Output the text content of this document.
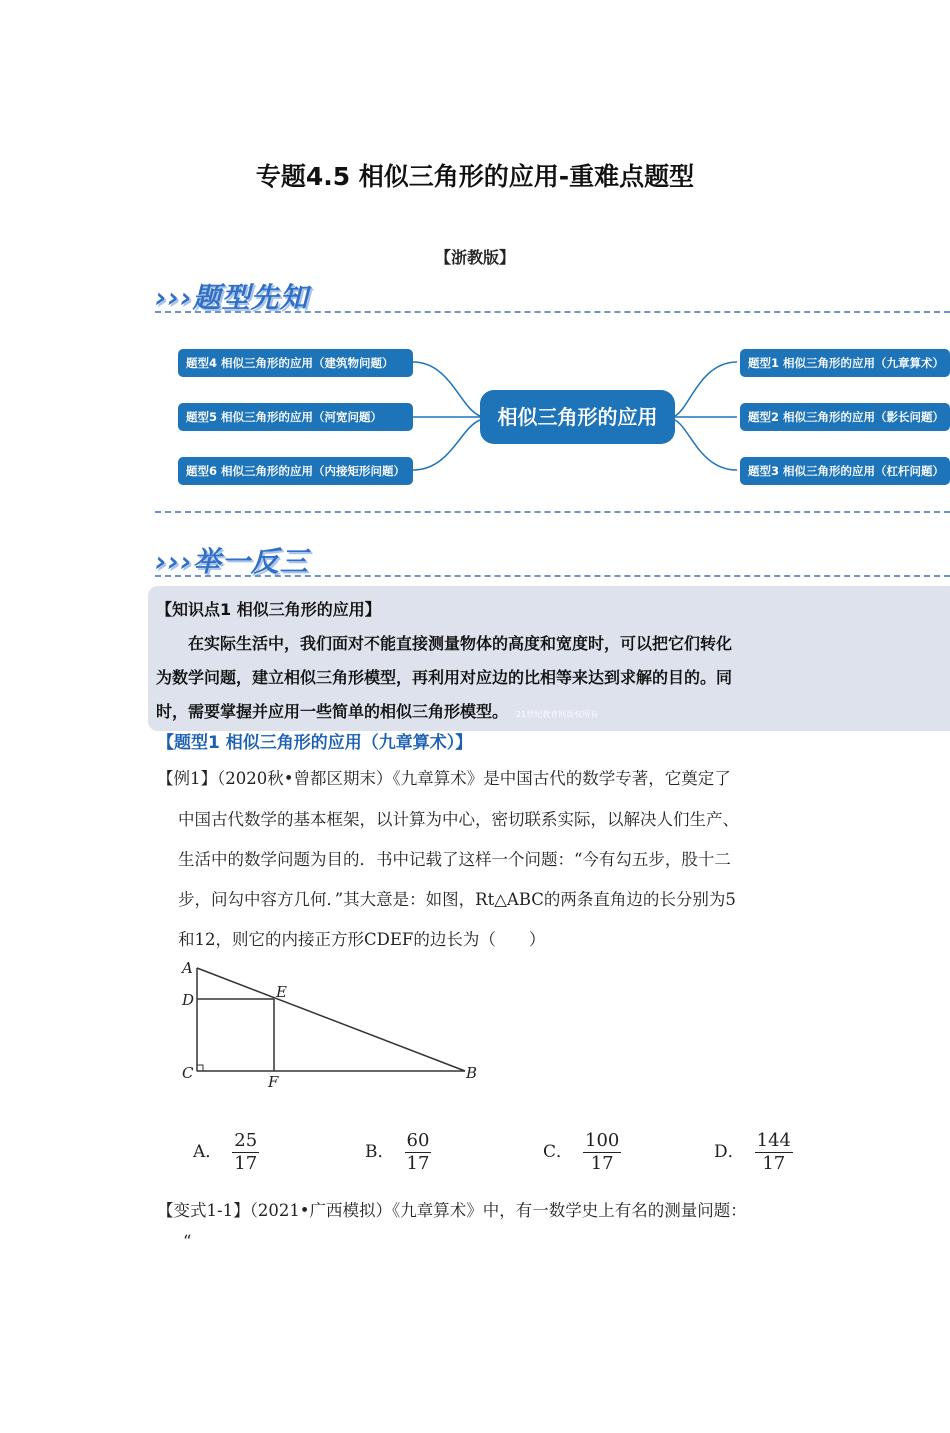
专题4.5 相似三角形的应用-重难点题型
【浙教版】
›››题型先知
题型4 相似三角形的应用（建筑物问题）
题型5 相似三角形的应用（河宽问题）
题型6 相似三角形的应用（内接矩形问题）
相似三角形的应用
题型1 相似三角形的应用（九章算术）
题型2 相似三角形的应用（影长问题）
题型3 相似三角形的应用（杠杆问题）
›››举一反三
【知识点1 相似三角形的应用】
在实际生活中，我们面对不能直接测量物体的高度和宽度时，可以把它们转化
为数学问题，建立相似三角形模型，再利用对应边的比相等来达到求解的目的。同
时，需要掌握并应用一些简单的相似三角形模型。 21世纪教育网版权所有
【题型1 相似三角形的应用（九章算术）】
【例1】（2020秋•曾都区期末）《九章算术》是中国古代的数学专著，它奠定了
中国古代数学的基本框架，以计算为中心，密切联系实际，以解决人们生产、
生活中的数学问题为目的．书中记载了这样一个问题：“今有勾五步，股十二
步，问勾中容方几何．”其大意是：如图，Rt△ABC的两条直角边的长分别为5
和12，则它的内接正方形CDEF的边长为（　　）
A
D	E
C	F	B
A． $\frac{25}{17}$	B． $\frac{60}{17}$	C． $\frac{100}{17}$	D． $\frac{144}{17}$
【变式1-1】（2021•广西模拟）《九章算术》中，有一数学史上有名的测量问题：
“
